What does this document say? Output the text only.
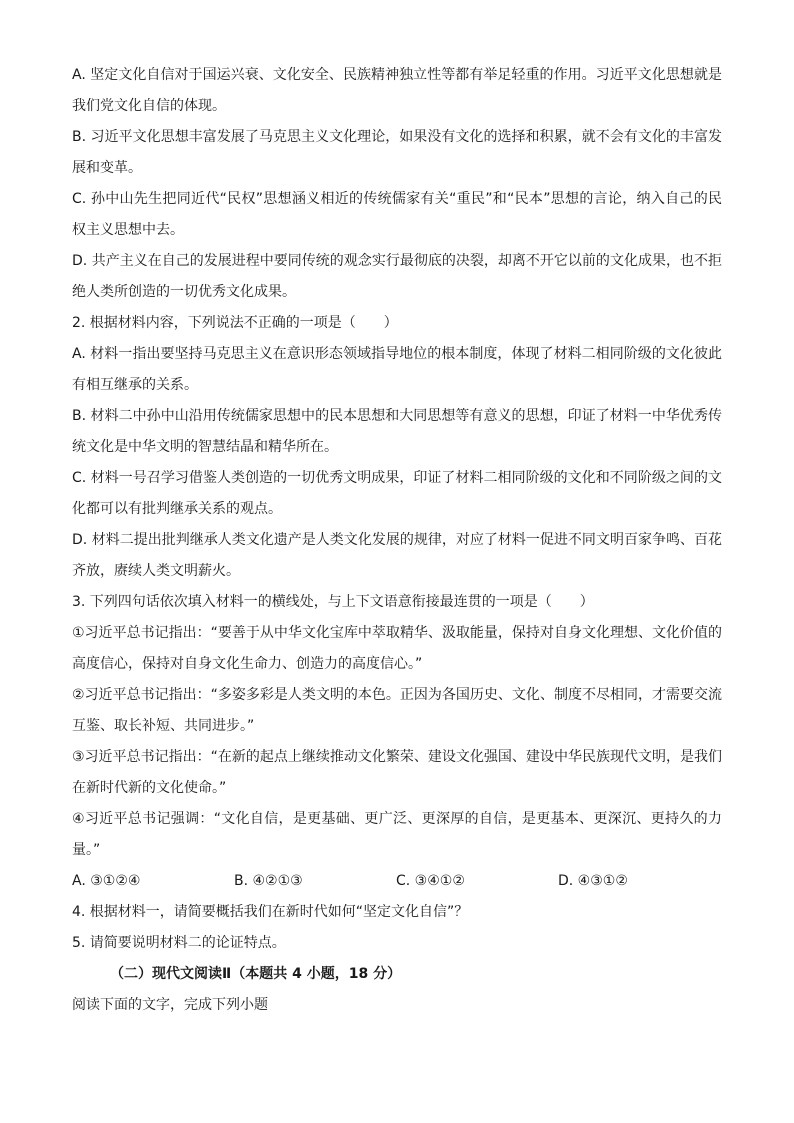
A. 坚定文化自信对于国运兴衰、文化安全、民族精神独立性等都有举足轻重的作用。习近平文化思想就是我们党文化自信的体现。

B. 习近平文化思想丰富发展了马克思主义文化理论，如果没有文化的选择和积累，就不会有文化的丰富发展和变革。

C. 孙中山先生把同近代“民权”思想涵义相近的传统儒家有关“重民”和“民本”思想的言论，纳入自己的民权主义思想中去。

D. 共产主义在自己的发展进程中要同传统的观念实行最彻底的决裂，却离不开它以前的文化成果，也不拒绝人类所创造的一切优秀文化成果。

2. 根据材料内容，下列说法不正确的一项是（　　）

A. 材料一指出要坚持马克思主义在意识形态领域指导地位的根本制度，体现了材料二相同阶级的文化彼此有相互继承的关系。

B. 材料二中孙中山沿用传统儒家思想中的民本思想和大同思想等有意义的思想，印证了材料一中华优秀传统文化是中华文明的智慧结晶和精华所在。

C. 材料一号召学习借鉴人类创造的一切优秀文明成果，印证了材料二相同阶级的文化和不同阶级之间的文化都可以有批判继承关系的观点。

D. 材料二提出批判继承人类文化遗产是人类文化发展的规律，对应了材料一促进不同文明百家争鸣、百花齐放，赓续人类文明薪火。

3. 下列四句话依次填入材料一的横线处，与上下文语意衔接最连贯的一项是（　　）

①习近平总书记指出：“要善于从中华文化宝库中萃取精华、汲取能量，保持对自身文化理想、文化价值的高度信心，保持对自身文化生命力、创造力的高度信心。”

②习近平总书记指出：“多姿多彩是人类文明的本色。正因为各国历史、文化、制度不尽相同，才需要交流互鉴、取长补短、共同进步。”

③习近平总书记指出：“在新的起点上继续推动文化繁荣、建设文化强国、建设中华民族现代文明，是我们在新时代新的文化使命。”

④习近平总书记强调：“文化自信，是更基础、更广泛、更深厚的自信，是更基本、更深沉、更持久的力量。”

A. ③①②④	B. ④②①③	C. ③④①②	D. ④③①②

4. 根据材料一，请简要概括我们在新时代如何“坚定文化自信”？

5. 请简要说明材料二的论证特点。

（二）现代文阅读Ⅱ（本题共 4 小题，18 分）

阅读下面的文字，完成下列小题
